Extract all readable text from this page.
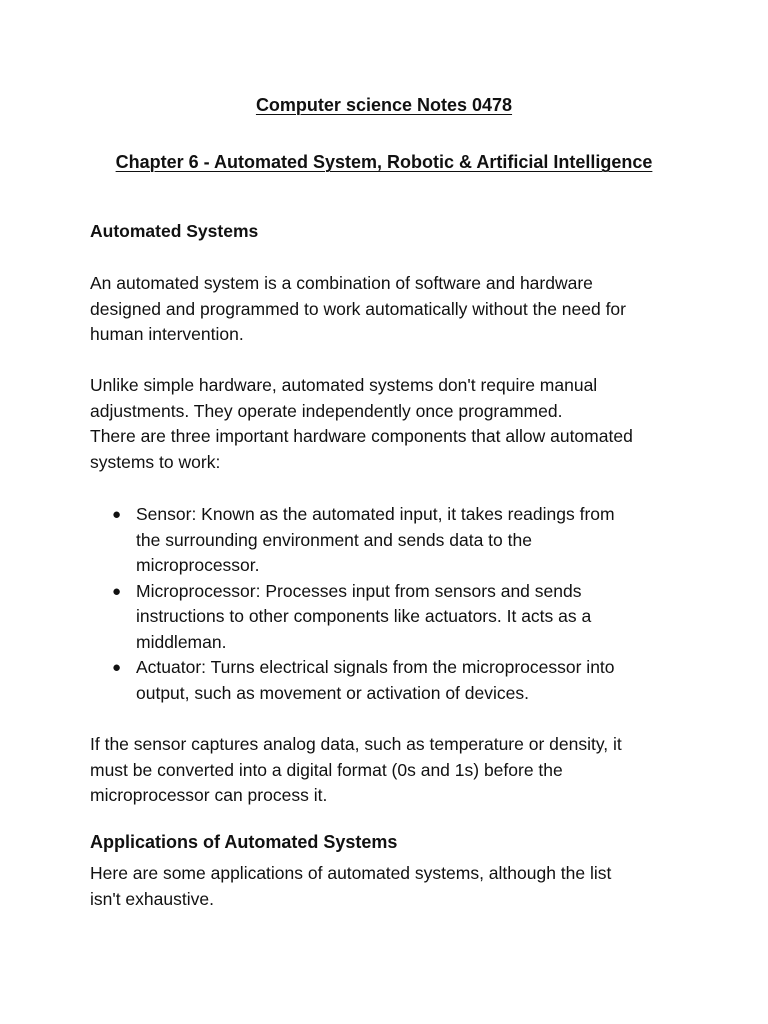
Computer science Notes 0478
Chapter 6 - Automated System, Robotic & Artificial Intelligence
Automated Systems
An automated system is a combination of software and hardware
designed and programmed to work automatically without the need for
human intervention.
Unlike simple hardware, automated systems don't require manual
adjustments. They operate independently once programmed.
There are three important hardware components that allow automated
systems to work:
● Sensor: Known as the automated input, it takes readings from
the surrounding environment and sends data to the
microprocessor.
● Microprocessor: Processes input from sensors and sends
instructions to other components like actuators. It acts as a
middleman.
● Actuator: Turns electrical signals from the microprocessor into
output, such as movement or activation of devices.
If the sensor captures analog data, such as temperature or density, it
must be converted into a digital format (0s and 1s) before the
microprocessor can process it.
Applications of Automated Systems
Here are some applications of automated systems, although the list
isn't exhaustive.
